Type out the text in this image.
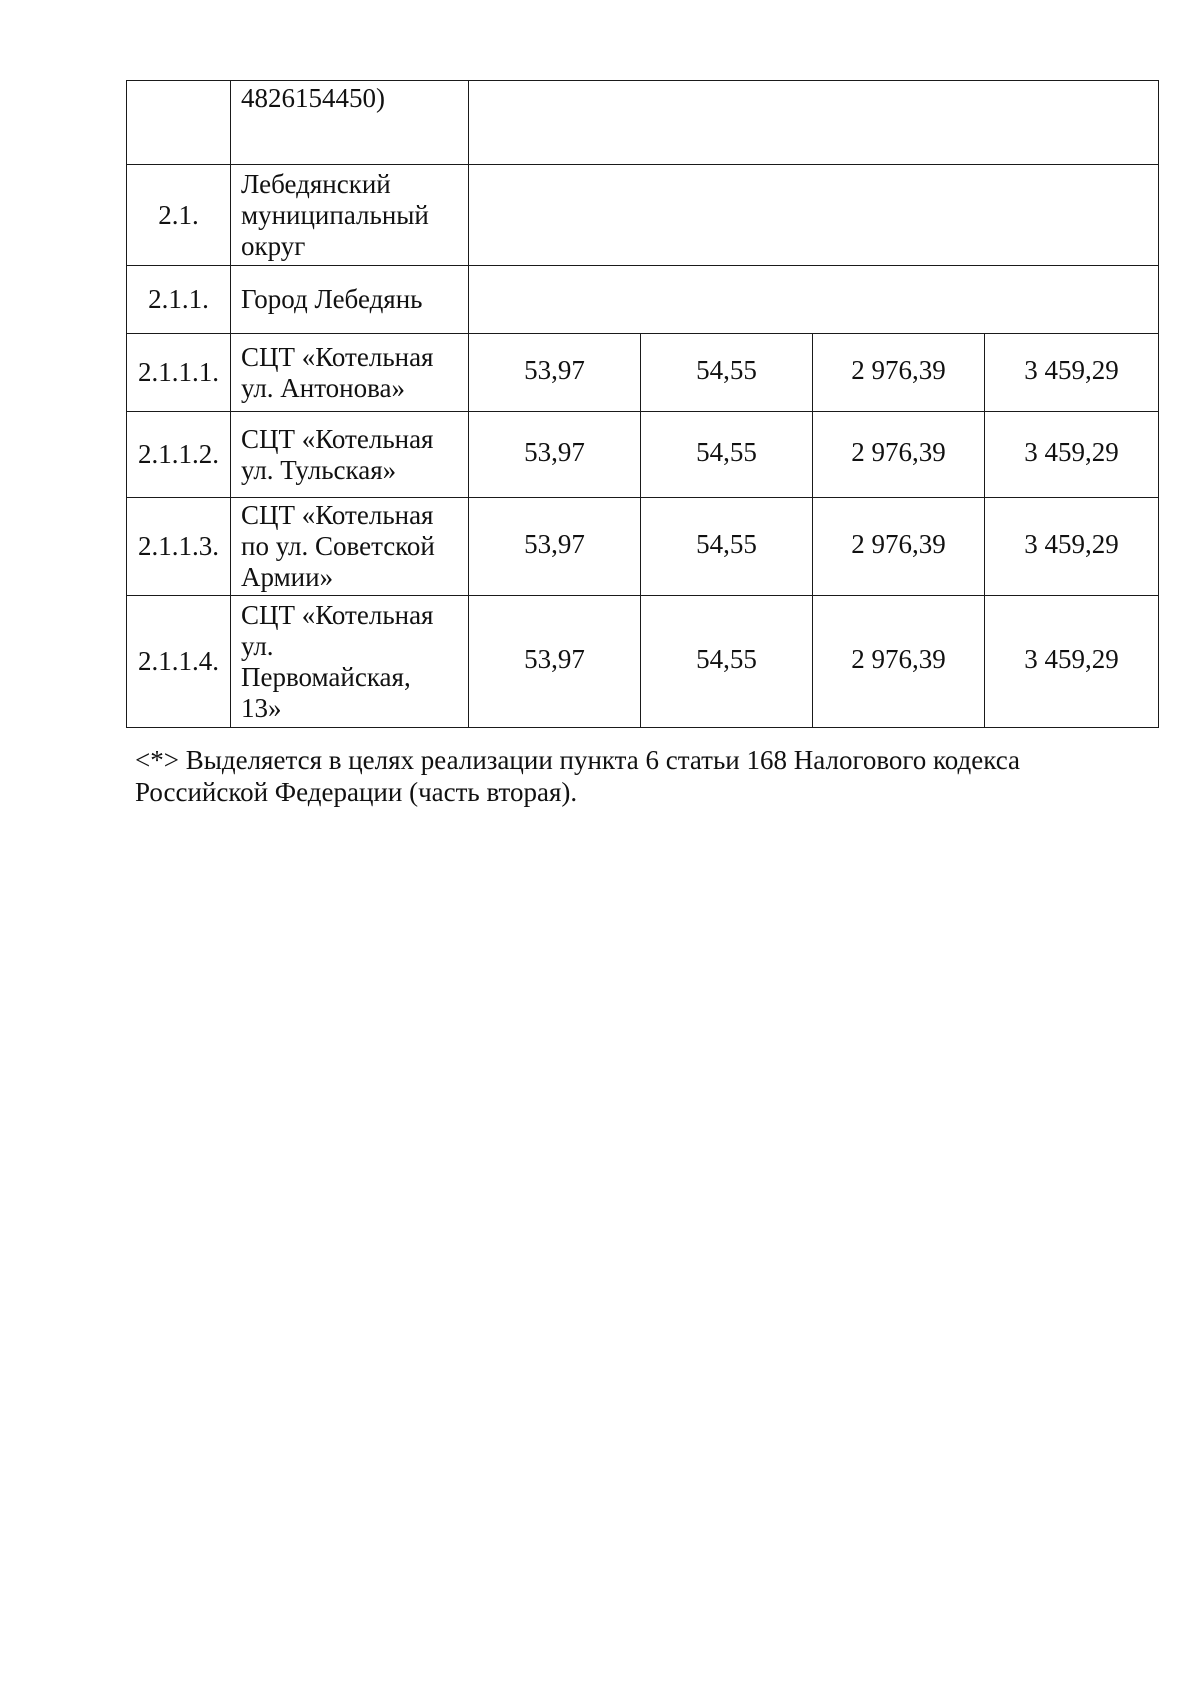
	4826154450)				
2.1.	Лебедянский
муниципальный
округ				
2.1.1.	Город Лебедянь				
2.1.1.1.	СЦТ «Котельная
ул. Антонова»	53,97	54,55	2 976,39	3 459,29
2.1.1.2.	СЦТ «Котельная
ул. Тульская»	53,97	54,55	2 976,39	3 459,29
2.1.1.3.	СЦТ «Котельная
по ул. Советской
Армии»	53,97	54,55	2 976,39	3 459,29
2.1.1.4.	СЦТ «Котельная
ул.
Первомайская,
13»	53,97	54,55	2 976,39	3 459,29

<*> Выделяется в целях реализации пункта 6 статьи 168 Налогового кодекса

Российской Федерации (часть вторая).
